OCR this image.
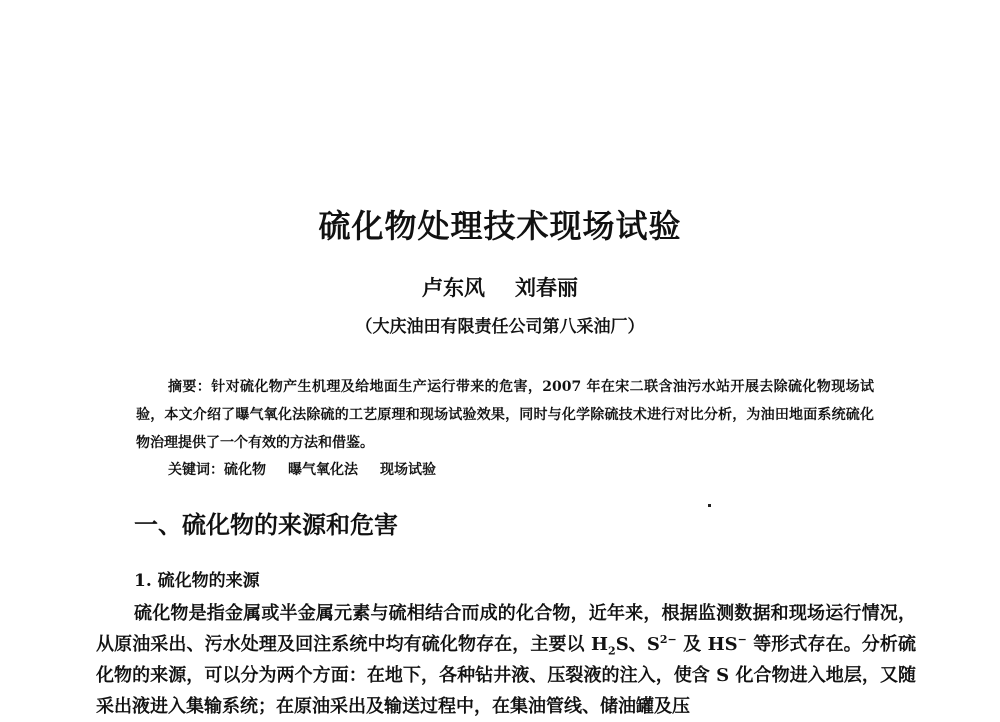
硫化物处理技术现场试验
卢东风 刘春丽
（大庆油田有限责任公司第八采油厂）

摘要：针对硫化物产生机理及给地面生产运行带来的危害，2007 年在宋二联含油污水站开展去除硫化物现场试验，本文介绍了曝气氧化法除硫的工艺原理和现场试验效果，同时与化学除硫技术进行对比分析，为油田地面系统硫化物治理提供了一个有效的方法和借鉴。

关键词：硫化物 曝气氧化法 现场试验
一、硫化物的来源和危害
1. 硫化物的来源

硫化物是指金属或半金属元素与硫相结合而成的化合物，近年来，根据监测数据和现场运行情况，从原油采出、污水处理及回注系统中均有硫化物存在，主要以 $H_2S$、$S^{2-}$ 及 HS− 等形式存在。分析硫化物的来源，可以分为两个方面：在地下，各种钻井液、压裂液的注入，使含 S 化合物进入地层，又随采出液进入集输系统；在原油采出及输送过程中，在集油管线、储油罐及压
